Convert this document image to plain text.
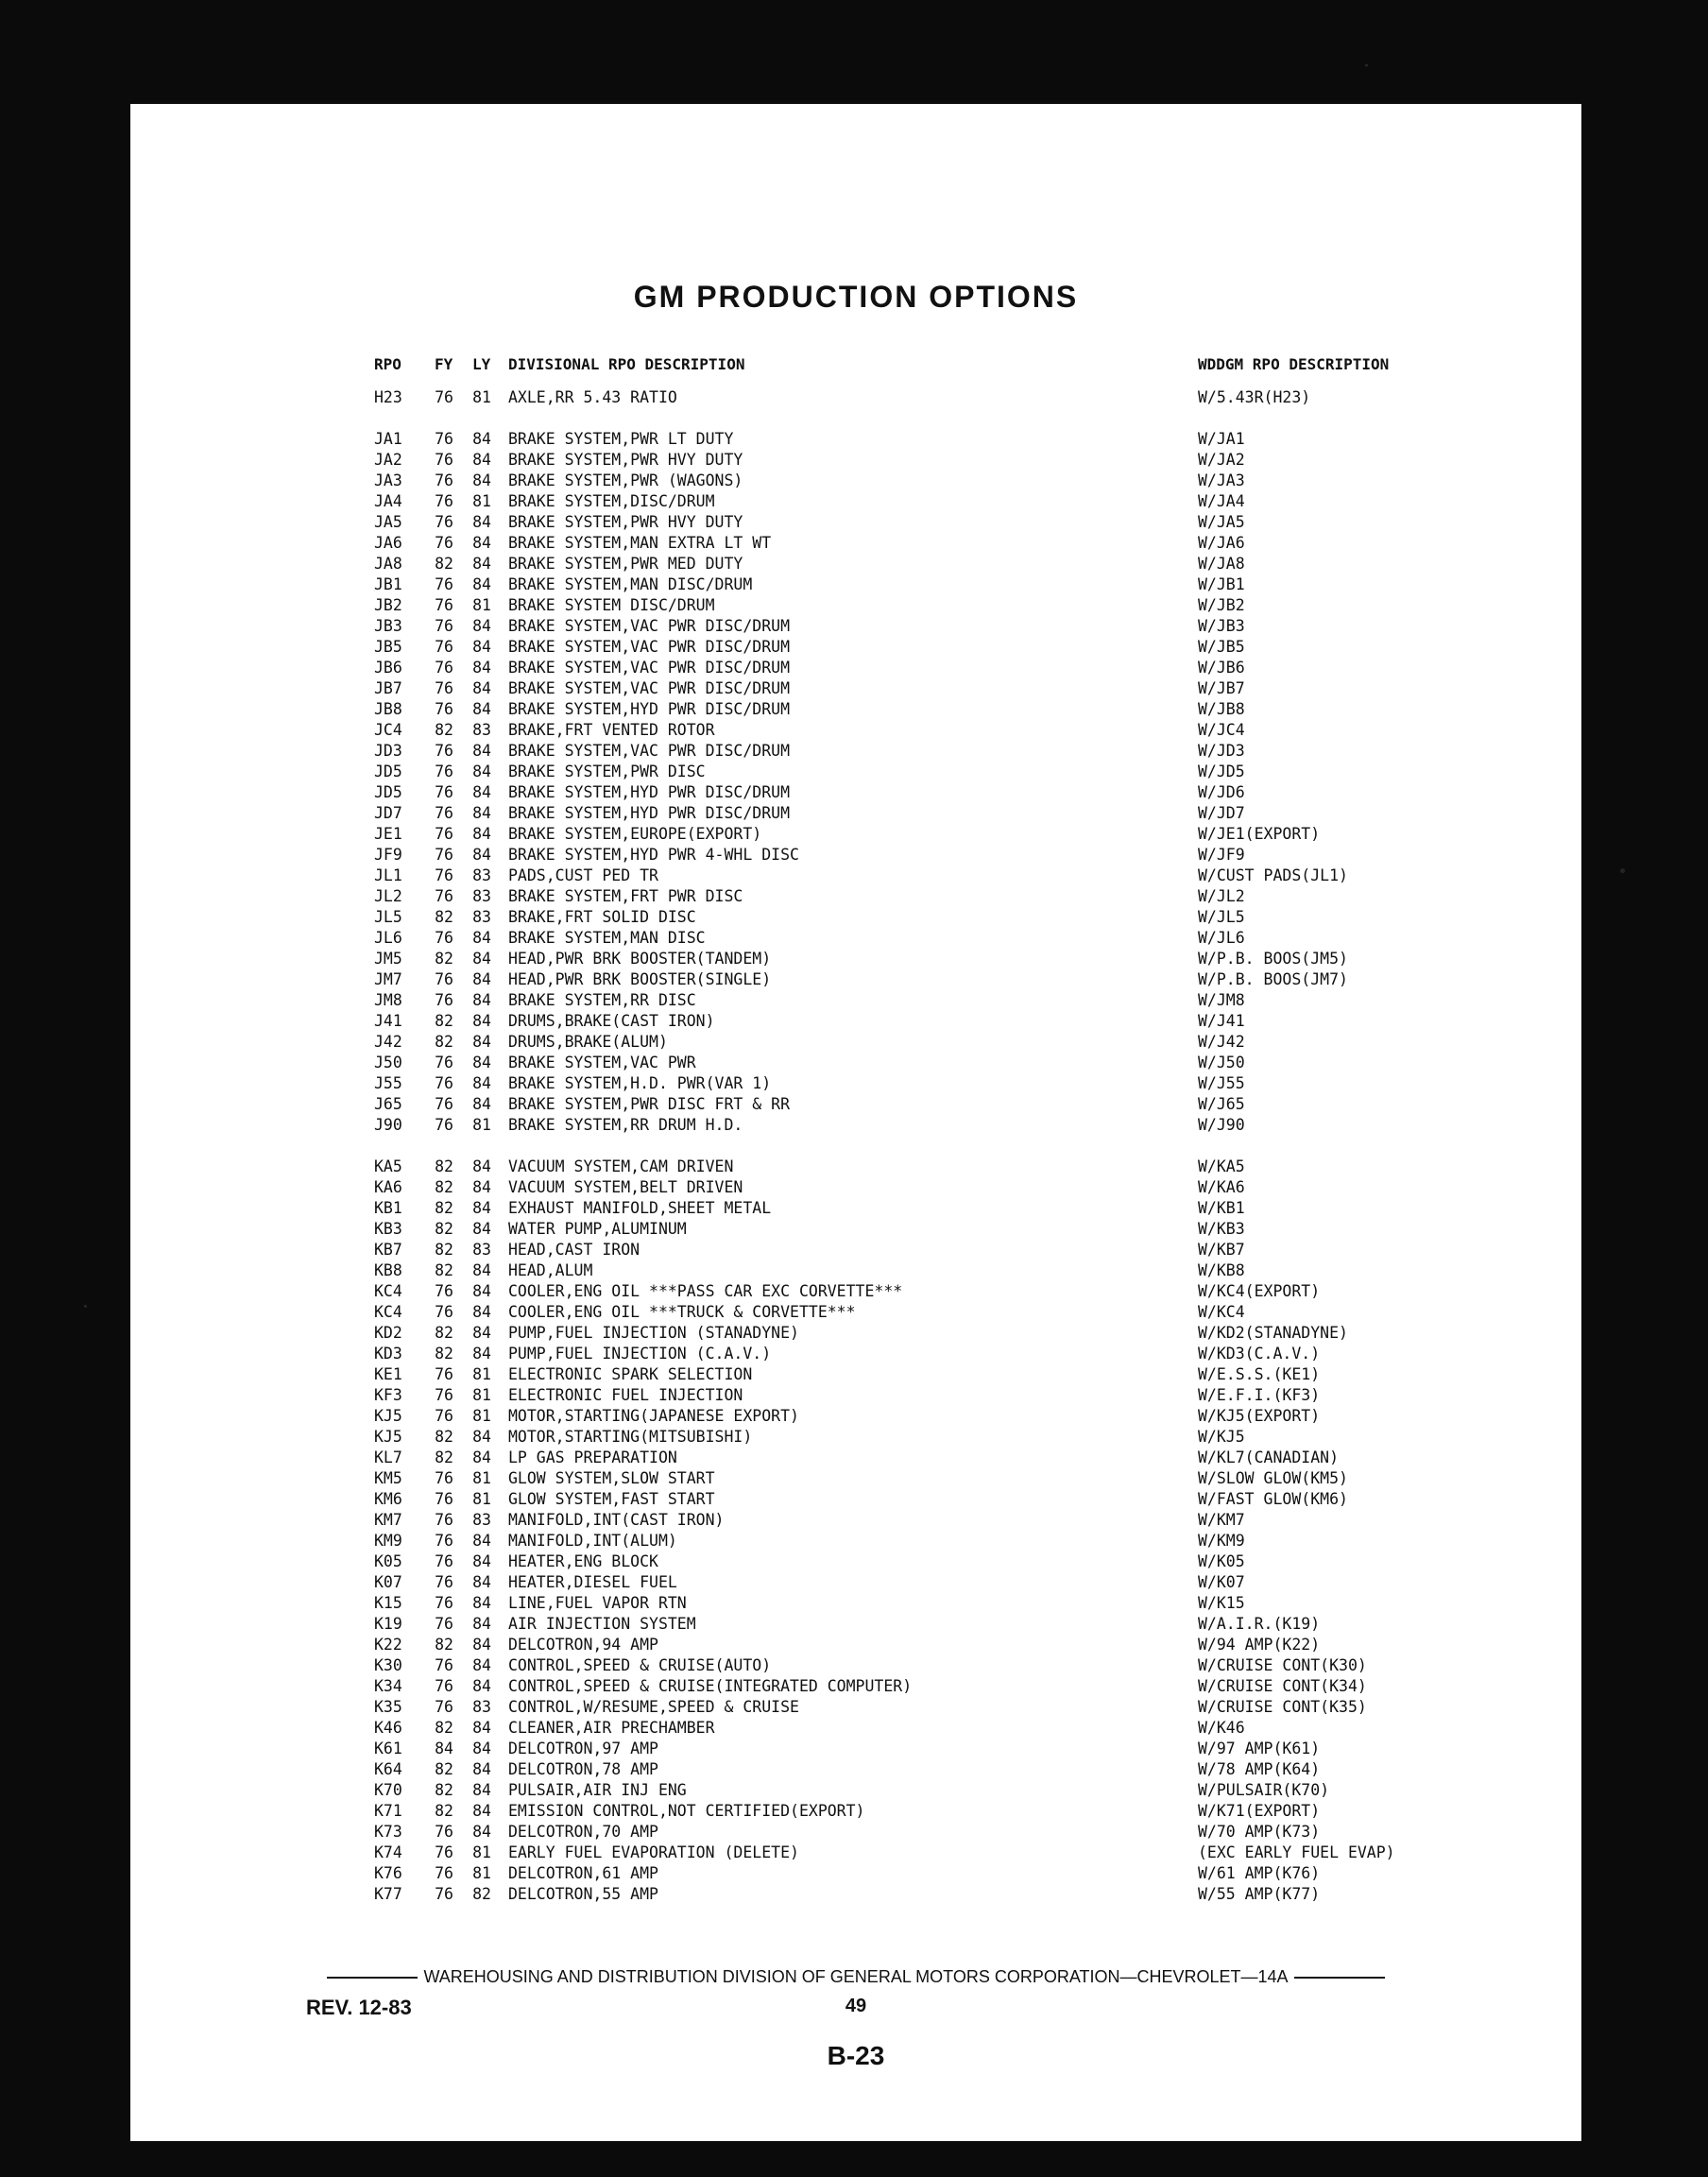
GM PRODUCTION OPTIONS
RPO FY LY DIVISIONAL RPO DESCRIPTION	WDDGM RPO DESCRIPTION
H23	76	81 AXLE,RR 5.43 RATIO	W/5.43R(H23)
JA1	76	84 BRAKE SYSTEM,PWR LT DUTY	W/JA1
JA2	76	84 BRAKE SYSTEM,PWR HVY DUTY	W/JA2
JA3	76	84 BRAKE SYSTEM,PWR (WAGONS)	W/JA3
JA4	76	81 BRAKE SYSTEM,DISC/DRUM	W/JA4
JA5	76	84 BRAKE SYSTEM,PWR HVY DUTY	W/JA5
JA6	76	84 BRAKE SYSTEM,MAN EXTRA LT WT	W/JA6
JA8	82	84 BRAKE SYSTEM,PWR MED DUTY	W/JA8
JB1	76	84 BRAKE SYSTEM,MAN DISC/DRUM	W/JB1
JB2	76	81 BRAKE SYSTEM DISC/DRUM	W/JB2
JB3	76	84 BRAKE SYSTEM,VAC PWR DISC/DRUM	W/JB3
JB5	76	84 BRAKE SYSTEM,VAC PWR DISC/DRUM	W/JB5
JB6	76	84 BRAKE SYSTEM,VAC PWR DISC/DRUM	W/JB6
JB7	76	84 BRAKE SYSTEM,VAC PWR DISC/DRUM	W/JB7
JB8	76	84 BRAKE SYSTEM,HYD PWR DISC/DRUM	W/JB8
JC4	82	83 BRAKE,FRT VENTED ROTOR	W/JC4
JD3	76	84 BRAKE SYSTEM,VAC PWR DISC/DRUM	W/JD3
JD5	76	84 BRAKE SYSTEM,PWR DISC	W/JD5
JD5	76	84 BRAKE SYSTEM,HYD PWR DISC/DRUM	W/JD6
JD7	76	84 BRAKE SYSTEM,HYD PWR DISC/DRUM	W/JD7
JE1	76	84 BRAKE SYSTEM,EUROPE(EXPORT)	W/JE1(EXPORT)
JF9	76	84 BRAKE SYSTEM,HYD PWR 4-WHL DISC	W/JF9
JL1	76	83 PADS,CUST PED TR	W/CUST PADS(JL1)
JL2	76	83 BRAKE SYSTEM,FRT PWR DISC	W/JL2
JL5	82	83 BRAKE,FRT SOLID DISC	W/JL5
JL6	76	84 BRAKE SYSTEM,MAN DISC	W/JL6
JM5	82	84 HEAD,PWR BRK BOOSTER(TANDEM)	W/P.B. BOOS(JM5)
JM7	76	84 HEAD,PWR BRK BOOSTER(SINGLE)	W/P.B. BOOS(JM7)
JM8	76	84 BRAKE SYSTEM,RR DISC	W/JM8
J41	82	84 DRUMS,BRAKE(CAST IRON)	W/J41
J42	82	84 DRUMS,BRAKE(ALUM)	W/J42
J50	76	84 BRAKE SYSTEM,VAC PWR	W/J50
J55	76	84 BRAKE SYSTEM,H.D. PWR(VAR 1)	W/J55
J65	76	84 BRAKE SYSTEM,PWR DISC FRT & RR	W/J65
J90	76	81 BRAKE SYSTEM,RR DRUM H.D.	W/J90
KA5	82	84 VACUUM SYSTEM,CAM DRIVEN	W/KA5
KA6	82	84 VACUUM SYSTEM,BELT DRIVEN	W/KA6
KB1	82	84 EXHAUST MANIFOLD,SHEET METAL	W/KB1
KB3	82	84 WATER PUMP,ALUMINUM	W/KB3
KB7	82	83 HEAD,CAST IRON	W/KB7
KB8	82	84 HEAD,ALUM	W/KB8
KC4	76	84 COOLER,ENG OIL ***PASS CAR EXC CORVETTE***	W/KC4(EXPORT)
KC4	76	84 COOLER,ENG OIL ***TRUCK & CORVETTE***	W/KC4
KD2	82	84 PUMP,FUEL INJECTION (STANADYNE)	W/KD2(STANADYNE)
KD3	82	84 PUMP,FUEL INJECTION (C.A.V.)	W/KD3(C.A.V.)
KE1	76	81 ELECTRONIC SPARK SELECTION	W/E.S.S.(KE1)
KF3	76	81 ELECTRONIC FUEL INJECTION	W/E.F.I.(KF3)
KJ5	76	81 MOTOR,STARTING(JAPANESE EXPORT)	W/KJ5(EXPORT)
KJ5	82	84 MOTOR,STARTING(MITSUBISHI)	W/KJ5
KL7	82	84 LP GAS PREPARATION	W/KL7(CANADIAN)
KM5	76	81 GLOW SYSTEM,SLOW START	W/SLOW GLOW(KM5)
KM6	76	81 GLOW SYSTEM,FAST START	W/FAST GLOW(KM6)
KM7	76	83 MANIFOLD,INT(CAST IRON)	W/KM7
KM9	76	84 MANIFOLD,INT(ALUM)	W/KM9
K05	76	84 HEATER,ENG BLOCK	W/K05
K07	76	84 HEATER,DIESEL FUEL	W/K07
K15	76	84 LINE,FUEL VAPOR RTN	W/K15
K19	76	84 AIR INJECTION SYSTEM	W/A.I.R.(K19)
K22	82	84 DELCOTRON,94 AMP	W/94 AMP(K22)
K30	76	84 CONTROL,SPEED & CRUISE(AUTO)	W/CRUISE CONT(K30)
K34	76	84 CONTROL,SPEED & CRUISE(INTEGRATED COMPUTER)	W/CRUISE CONT(K34)
K35	76	83 CONTROL,W/RESUME,SPEED & CRUISE	W/CRUISE CONT(K35)
K46	82	84 CLEANER,AIR PRECHAMBER	W/K46
K61	84	84 DELCOTRON,97 AMP	W/97 AMP(K61)
K64	82	84 DELCOTRON,78 AMP	W/78 AMP(K64)
K70	82	84 PULSAIR,AIR INJ ENG	W/PULSAIR(K70)
K71	82	84 EMISSION CONTROL,NOT CERTIFIED(EXPORT)	W/K71(EXPORT)
K73	76	84 DELCOTRON,70 AMP	W/70 AMP(K73)
K74	76	81 EARLY FUEL EVAPORATION (DELETE)	(EXC EARLY FUEL EVAP)
K76	76	81 DELCOTRON,61 AMP	W/61 AMP(K76)
K77	76	82 DELCOTRON,55 AMP	W/55 AMP(K77)
WAREHOUSING AND DISTRIBUTION DIVISION OF GENERAL MOTORS CORPORATION—CHEVROLET—14A
REV. 12-83	49
B-23
